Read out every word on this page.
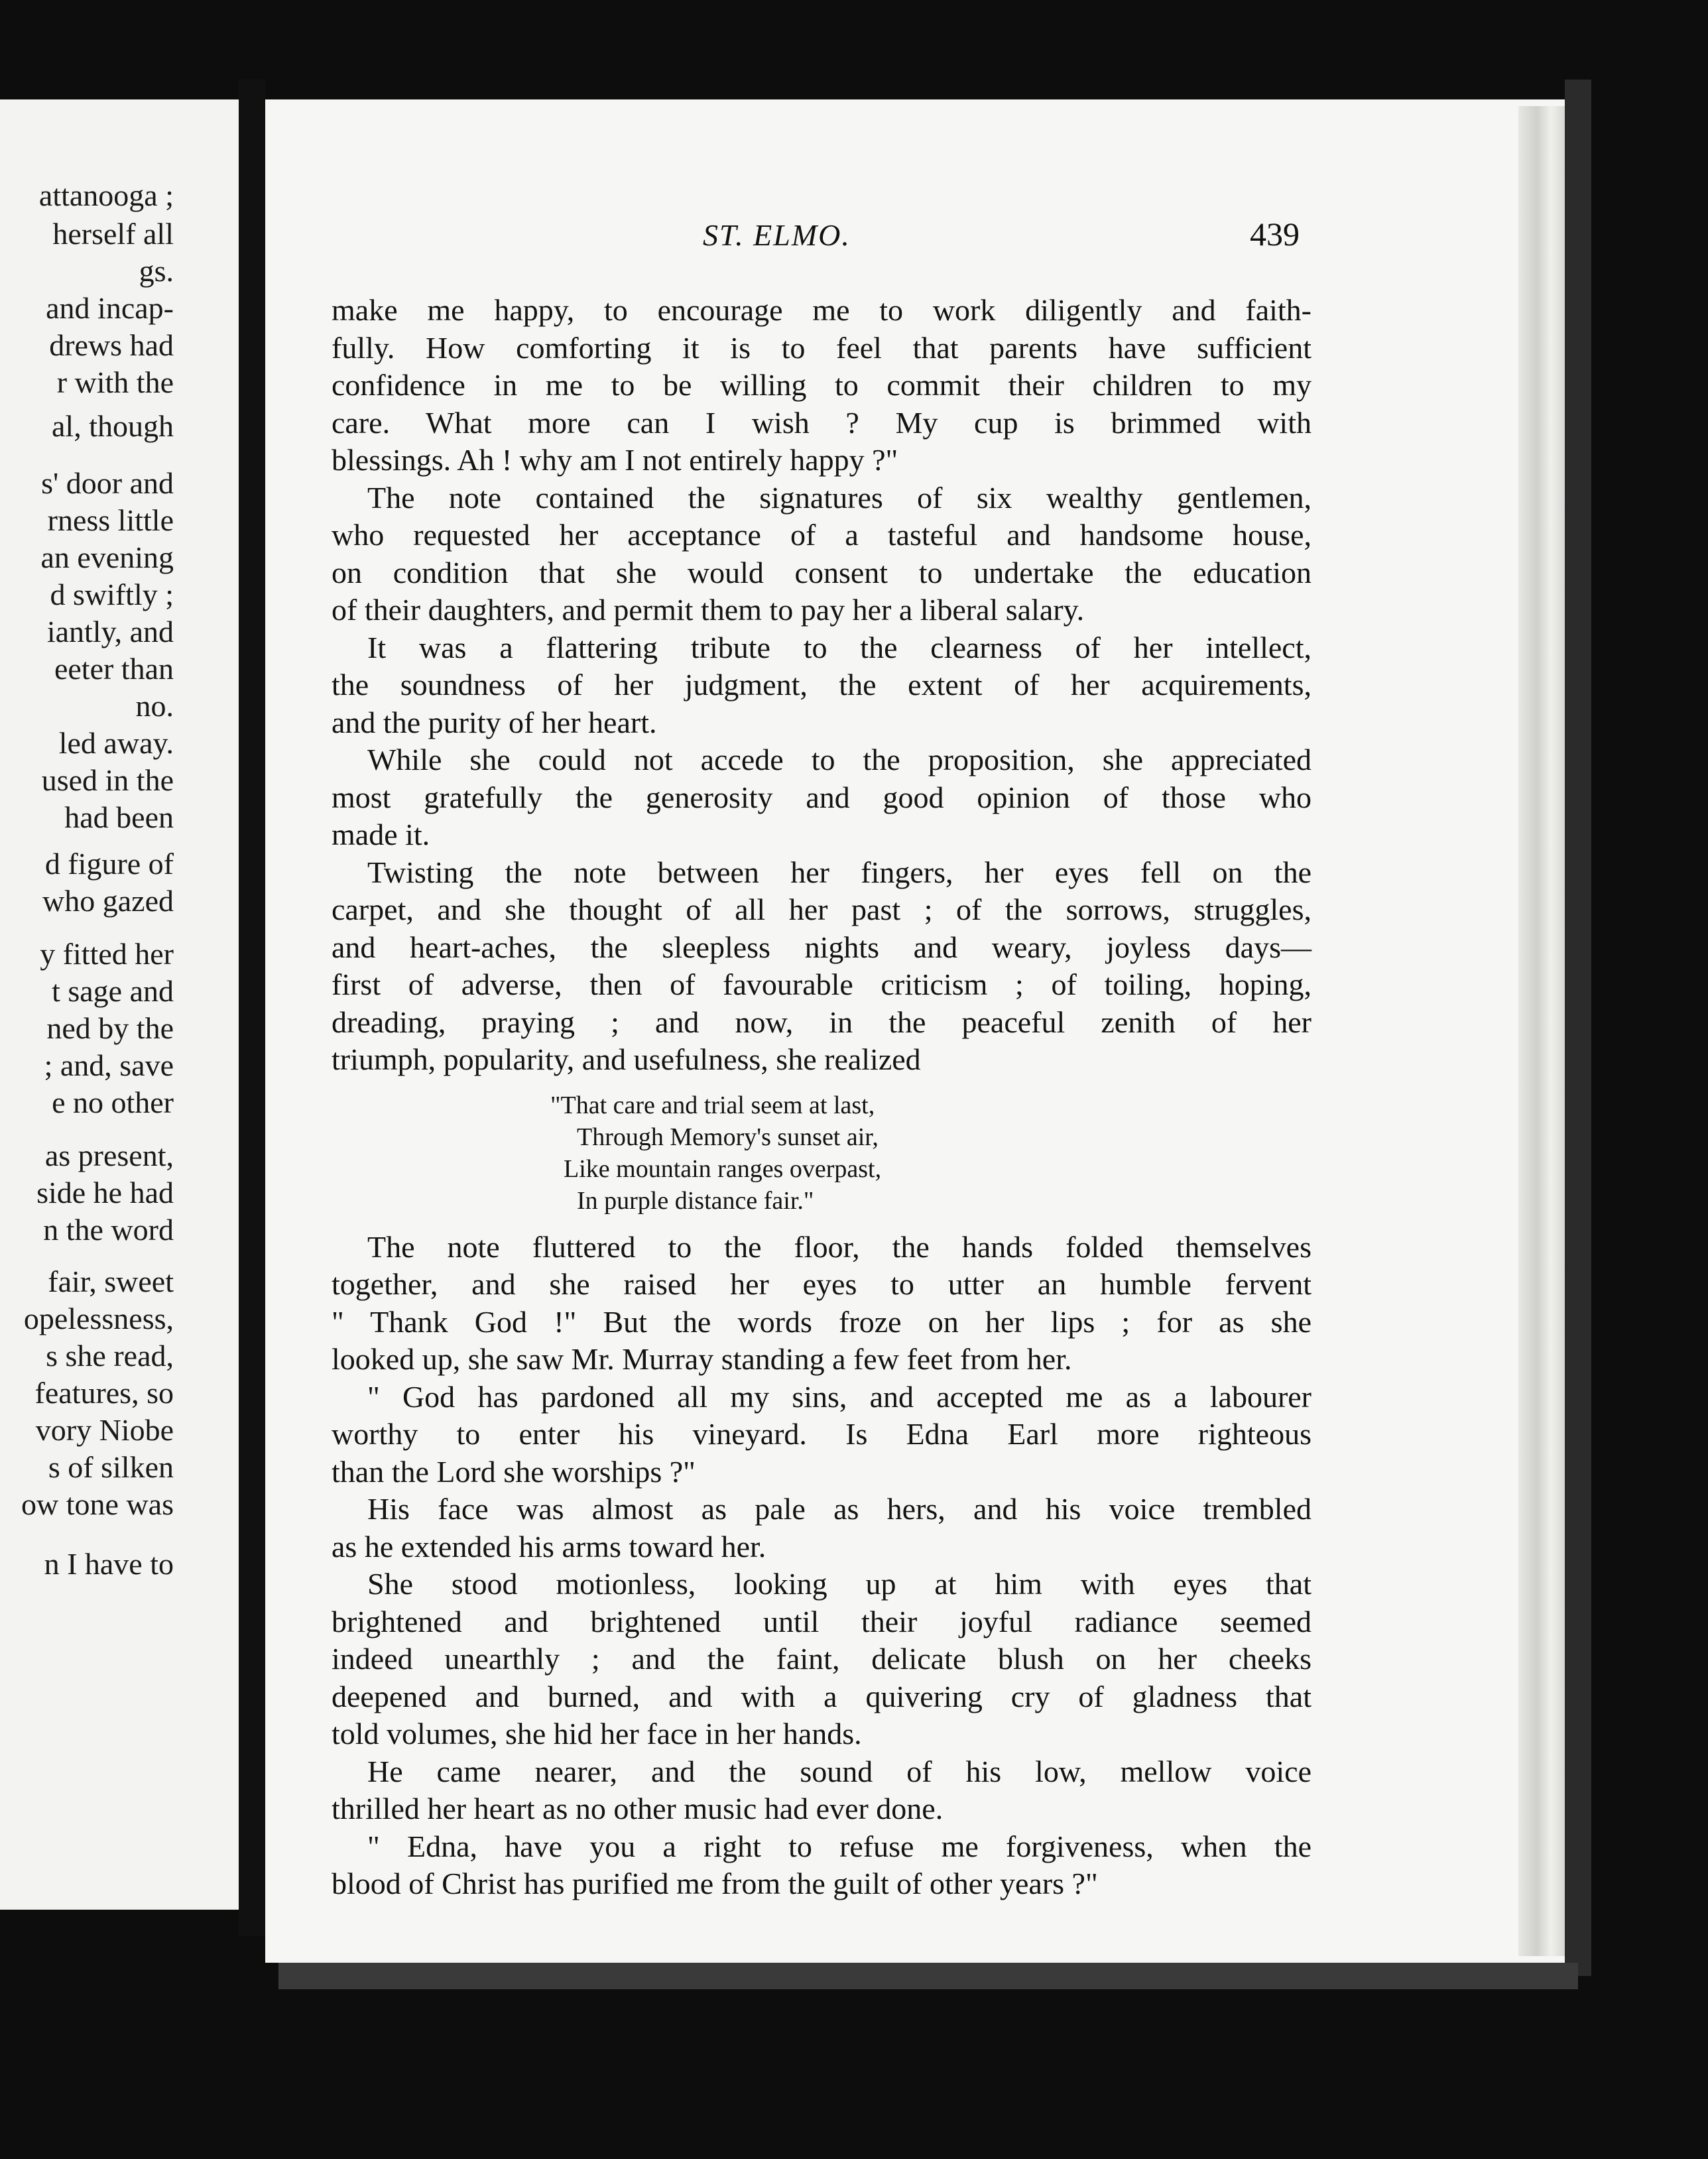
attanooga ;
herself all
gs.
and incap-
drews had
r with the
al, though
s' door and
rness little
an evening
d swiftly ;
iantly, and
eeter than
no.
led away.
used in the
had been
d figure of
who gazed
y fitted her
t sage and
ned by the
; and, save
e no other
as present,
side he had
n the word
fair, sweet
opelessness,
s she read,
features, so
vory Niobe
s of silken
ow tone was
n I have to
ST. ELMO.	439
make me happy, to encourage me to work diligently and faith-
fully. How comforting it is to feel that parents have sufficient
confidence in me to be willing to commit their children to my
care. What more can I wish ? My cup is brimmed with
blessings. Ah ! why am I not entirely happy ?"
The note contained the signatures of six wealthy gentlemen,
who requested her acceptance of a tasteful and handsome house,
on condition that she would consent to undertake the education
of their daughters, and permit them to pay her a liberal salary.
It was a flattering tribute to the clearness of her intellect,
the soundness of her judgment, the extent of her acquirements,
and the purity of her heart.
While she could not accede to the proposition, she appreciated
most gratefully the generosity and good opinion of those who
made it.
Twisting the note between her fingers, her eyes fell on the
carpet, and she thought of all her past ; of the sorrows, struggles,
and heart-aches, the sleepless nights and weary, joyless days—
first of adverse, then of favourable criticism ; of toiling, hoping,
dreading, praying ; and now, in the peaceful zenith of her
triumph, popularity, and usefulness, she realized
"That care and trial seem at last,
Through Memory's sunset air,
Like mountain ranges overpast,
In purple distance fair."
The note fluttered to the floor, the hands folded themselves
together, and she raised her eyes to utter an humble fervent
" Thank God !" But the words froze on her lips ; for as she
looked up, she saw Mr. Murray standing a few feet from her.
" God has pardoned all my sins, and accepted me as a labourer
worthy to enter his vineyard. Is Edna Earl more righteous
than the Lord she worships ?"
His face was almost as pale as hers, and his voice trembled
as he extended his arms toward her.
She stood motionless, looking up at him with eyes that
brightened and brightened until their joyful radiance seemed
indeed unearthly ; and the faint, delicate blush on her cheeks
deepened and burned, and with a quivering cry of gladness that
told volumes, she hid her face in her hands.
He came nearer, and the sound of his low, mellow voice
thrilled her heart as no other music had ever done.
" Edna, have you a right to refuse me forgiveness, when the
blood of Christ has purified me from the guilt of other years ?"
